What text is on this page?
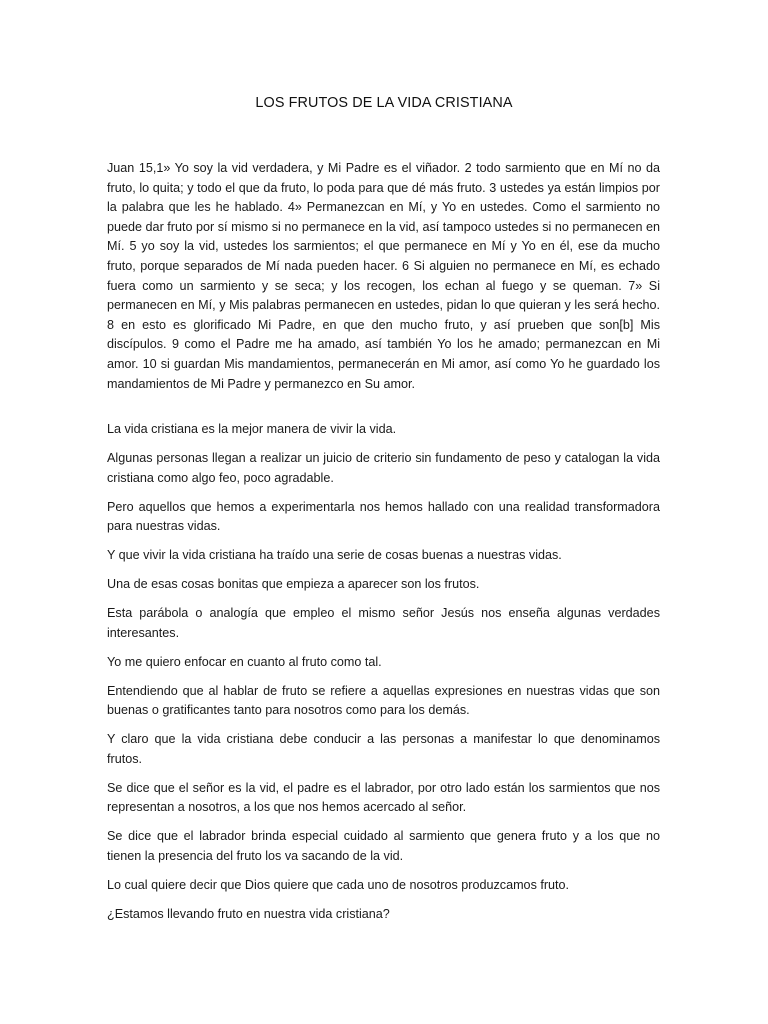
LOS FRUTOS DE LA VIDA CRISTIANA

Juan 15,1» Yo soy la vid verdadera, y Mi Padre es el viñador. 2 todo sarmiento que en Mí no da fruto, lo quita; y todo el que da fruto, lo poda para que dé más fruto. 3 ustedes ya están limpios por la palabra que les he hablado. 4» Permanezcan en Mí, y Yo en ustedes. Como el sarmiento no puede dar fruto por sí mismo si no permanece en la vid, así tampoco ustedes si no permanecen en Mí. 5 yo soy la vid, ustedes los sarmientos; el que permanece en Mí y Yo en él, ese da mucho fruto, porque separados de Mí nada pueden hacer. 6 Si alguien no permanece en Mí, es echado fuera como un sarmiento y se seca; y los recogen, los echan al fuego y se queman. 7» Si permanecen en Mí, y Mis palabras permanecen en ustedes, pidan lo que quieran y les será hecho. 8 en esto es glorificado Mi Padre, en que den mucho fruto, y así prueben que son[b] Mis discípulos. 9 como el Padre me ha amado, así también Yo los he amado; permanezcan en Mi amor. 10 si guardan Mis mandamientos, permanecerán en Mi amor, así como Yo he guardado los mandamientos de Mi Padre y permanezco en Su amor.

La vida cristiana es la mejor manera de vivir la vida.

Algunas personas llegan a realizar un juicio de criterio sin fundamento de peso y catalogan la vida cristiana como algo feo, poco agradable.

Pero aquellos que hemos a experimentarla nos hemos hallado con una realidad transformadora para nuestras vidas.

Y que vivir la vida cristiana ha traído una serie de cosas buenas a nuestras vidas.

Una de esas cosas bonitas que empieza a aparecer son los frutos.

Esta parábola o analogía que empleo el mismo señor Jesús nos enseña algunas verdades interesantes.

Yo me quiero enfocar en cuanto al fruto como tal.

Entendiendo que al hablar de fruto se refiere a aquellas expresiones en nuestras vidas que son buenas o gratificantes tanto para nosotros como para los demás.

Y claro que la vida cristiana debe conducir a las personas a manifestar lo que denominamos frutos.

Se dice que el señor es la vid, el padre es el labrador, por otro lado están los sarmientos que nos representan a nosotros, a los que nos hemos acercado al señor.

Se dice que el labrador brinda especial cuidado al sarmiento que genera fruto y a los que no tienen la presencia del fruto los va sacando de la vid.

Lo cual quiere decir que Dios quiere que cada uno de nosotros produzcamos fruto.

¿Estamos llevando fruto en nuestra vida cristiana?
